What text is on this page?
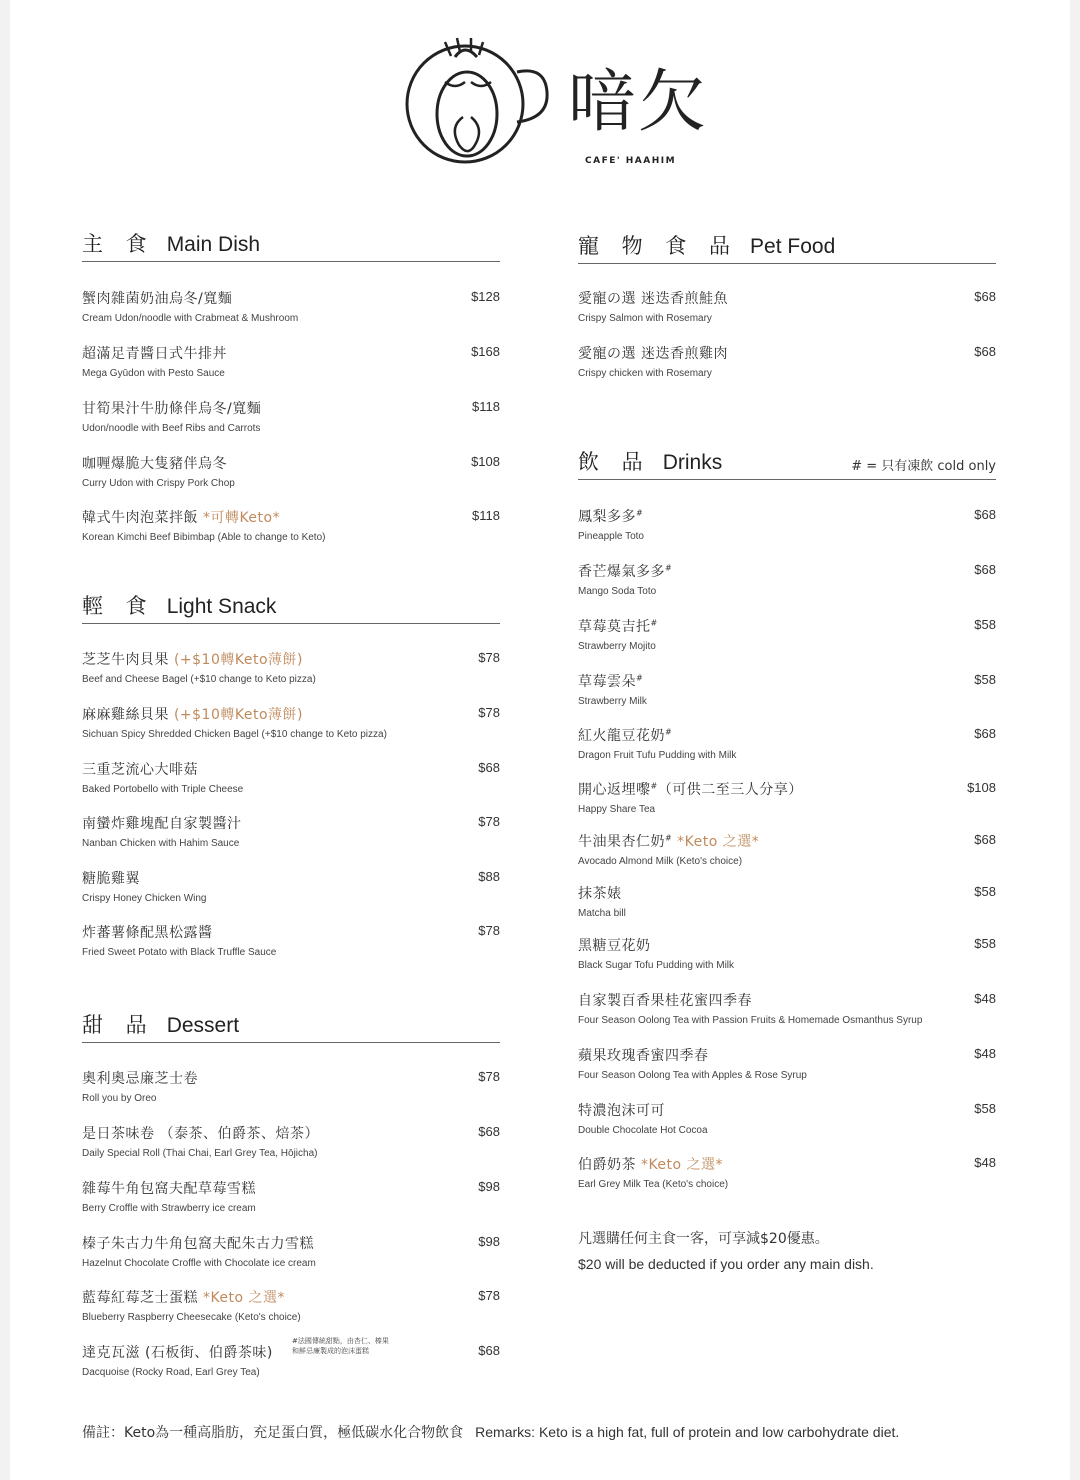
喑欠
CAFE' HAAHIM
主 食 Main Dish
蟹肉雜菌奶油烏冬/寬麵
Cream Udon/noodle with Crabmeat & Mushroom
$128
超滿足青醬日式牛排丼
Mega Gyūdon with Pesto Sauce
$168
甘筍果汁牛肋條伴烏冬/寬麵
Udon/noodle with Beef Ribs and Carrots
$118
咖喱爆脆大隻豬伴烏冬
Curry Udon with Crispy Pork Chop
$108
韓式牛肉泡菜拌飯 *可轉Keto*
Korean Kimchi Beef Bibimbap (Able to change to Keto)
$118
輕 食 Light Snack
芝芝牛肉貝果 (+$10轉Keto薄餅)
Beef and Cheese Bagel (+$10 change to Keto pizza)
$78
麻麻雞絲貝果 (+$10轉Keto薄餅)
Sichuan Spicy Shredded Chicken Bagel (+$10 change to Keto pizza)
$78
三重芝流心大啡菇
Baked Portobello with Triple Cheese
$68
南蠻炸雞塊配自家製醬汁
Nanban Chicken with Hahim Sauce
$78
糖脆雞翼
Crispy Honey Chicken Wing
$88
炸蕃薯條配黑松露醬
Fried Sweet Potato with Black Truffle Sauce
$78
甜 品 Dessert
奧利奧忌廉芝士卷
Roll you by Oreo
$78
是日茶味卷 （泰茶、伯爵茶、焙茶）
Daily Special Roll (Thai Chai, Earl Grey Tea, Hōjicha)
$68
雜莓牛角包窩夫配草莓雪糕
Berry Croffle with Strawberry ice cream
$98
榛子朱古力牛角包窩夫配朱古力雪糕
Hazelnut Chocolate Croffle with Chocolate ice cream
$98
藍莓紅莓芝士蛋糕 *Keto 之選*
Blueberry Raspberry Cheesecake (Keto's choice)
$78
達克瓦滋 (石板街、伯爵茶味)
#法國傳統甜點，由杏仁、榛果
和鮮忌廉製成的泡沫蛋糕
Dacquoise (Rocky Road, Earl Grey Tea)
$68
寵 物 食 品 Pet Food
愛寵の選 迷迭香煎鮭魚
Crispy Salmon with Rosemary
$68
愛寵の選 迷迭香煎雞肉
Crispy chicken with Rosemary
$68
飲 品 Drinks	# = 只有凍飲 cold only
鳳梨多多#
Pineapple Toto
$68
香芒爆氣多多#
Mango Soda Toto
$68
草莓莫吉托#
Strawberry Mojito
$58
草莓雲朵#
Strawberry Milk
$58
紅火龍豆花奶#
Dragon Fruit Tufu Pudding with Milk
$68
開心返埋嚟#（可供二至三人分享）
Happy Share Tea
$108
牛油果杏仁奶# *Keto 之選*
Avocado Almond Milk (Keto's choice)
$68
抹茶婊
Matcha bill
$58
黑糖豆花奶
Black Sugar Tofu Pudding with Milk
$58
自家製百香果桂花蜜四季春
Four Season Oolong Tea with Passion Fruits & Homemade Osmanthus Syrup
$48
蘋果玫瑰香蜜四季春
Four Season Oolong Tea with Apples & Rose Syrup
$48
特濃泡沫可可
Double Chocolate Hot Cocoa
$58
伯爵奶茶 *Keto 之選*
Earl Grey Milk Tea (Keto's choice)
$48
凡選購任何主食一客，可享減$20優惠。
$20 will be deducted if you order any main dish.
備註：Keto為一種高脂肪，充足蛋白質，極低碳水化合物飲食 Remarks: Keto is a high fat, full of protein and low carbohydrate diet.
